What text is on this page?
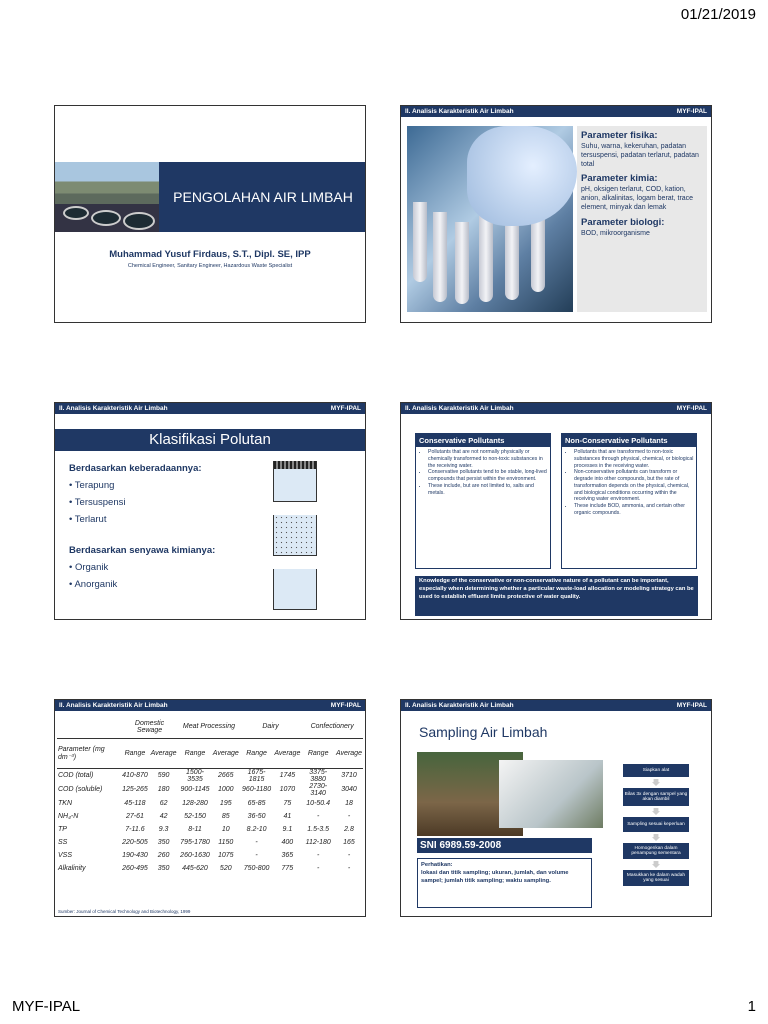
01/21/2019
PENGOLAHAN AIR LIMBAH
Muhammad Yusuf Firdaus, S.T., Dipl. SE, IPP
Chemical Engineer, Sanitary Engineer, Hazardous Waste Specialist
II. Analisis Karakteristik Air Limbah	MYF-IPAL
Parameter fisika:
Suhu, warna, kekeruhan, padatan tersuspensi, padatan terlarut, padatan total
Parameter kimia:
pH, oksigen terlarut, COD, kation, anion, alkalinitas, logam berat, trace element, minyak dan lemak
Parameter biologi:
BOD, mikroorganisme
II. Analisis Karakteristik Air Limbah	MYF-IPAL
Klasifikasi Polutan
Berdasarkan keberadaannya:
• Terapung
• Tersuspensi
• Terlarut
Berdasarkan senyawa kimianya:
• Organik
• Anorganik
II. Analisis Karakteristik Air Limbah	MYF-IPAL
Conservative Pollutants
• Pollutants that are not normally physically or chemically transformed to non-toxic substances in the receiving water.
• Conservative pollutants tend to be stable, long-lived compounds that persist within the environment.
• These include, but are not limited to, salts and metals.
Non-Conservative Pollutants
• Pollutants that are transformed to non-toxic substances through physical, chemical, or biological processes in the receiving water.
• Non-conservative pollutants can transform or degrade into other compounds, but the rate of transformation depends on the physical, chemical, and biological conditions occurring within the receiving water environment.
• These include BOD, ammonia, and certain other organic compounds.
Knowledge of the conservative or non-conservative nature of a pollutant can be important, especially when determining whether a particular waste-load allocation or modeling strategy can be used to establish effluent limits protective of water quality.
II. Analisis Karakteristik Air Limbah	MYF-IPAL
	Domestic Sewage		Meat Processing		Dairy		Confectionery	
Parameter (mg dm⁻³)	Range	Average	Range	Average	Range	Average	Range	Average
COD (total)	410-870	590	1500-3535	2665	1675-1815	1745	3375-3880	3710
COD (soluble)	125-265	180	900-1145	1000	960-1180	1070	2730-3140	3040
TKN	45-118	62	128-280	195	65-85	75	10-50.4	18
NH₄-N	27-61	42	52-150	85	36-50	41	-	-
TP	7-11.6	9.3	8-11	10	8.2-10	9.1	1.5-3.5	2.8
SS	220-505	350	795-1780	1150	-	400	112-180	165
VSS	190-430	260	260-1630	1075	-	365	-	-
Alkalinity	260-495	350	445-620	520	750-800	775	-	-
Sumber: Journal of Chemical Technology and Biotechnology, 1999
II. Analisis Karakteristik Air Limbah	MYF-IPAL
Sampling Air Limbah
SNI 6989.59-2008
Perhatikan:
lokasi dan titik sampling; ukuran, jumlah, dan volume sampel; jumlah titik sampling; waktu sampling.
Siapkan alat
Bilas 3x dengan sampel yang akan diambil
Sampling sesuai keperluan
Homogenkan dalam penampung sementara
Masukkan ke dalam wadah yang sesuai
MYF-IPAL	1
